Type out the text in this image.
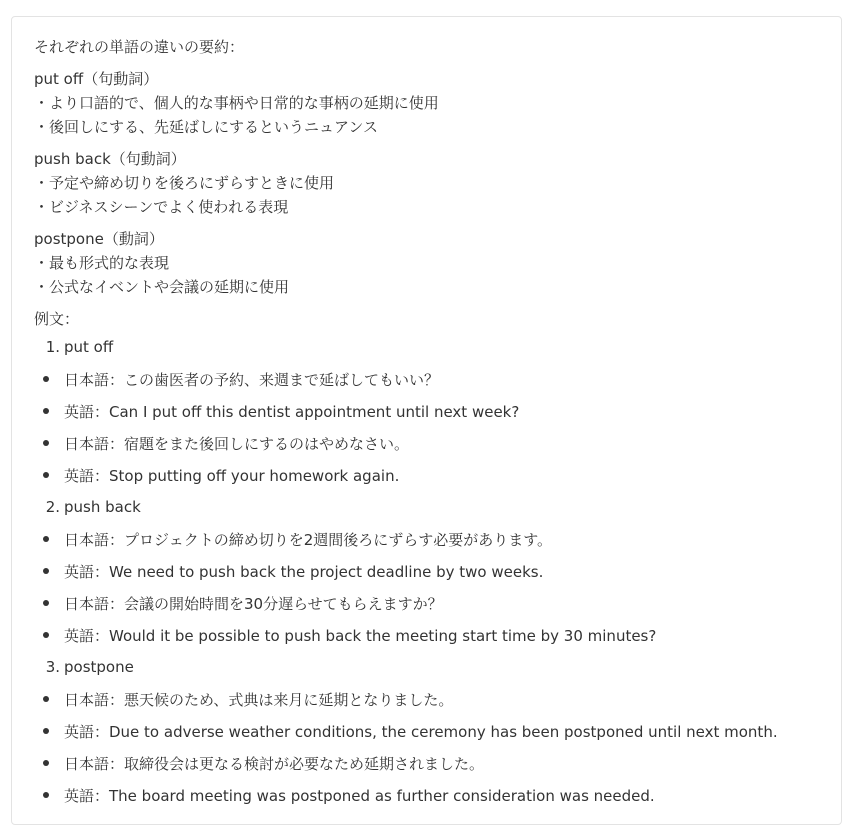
それぞれの単語の違いの要約：
put off（句動詞）
・より口語的で、個人的な事柄や日常的な事柄の延期に使用
・後回しにする、先延ばしにするというニュアンス
push back（句動詞）
・予定や締め切りを後ろにずらすときに使用
・ビジネスシーンでよく使われる表現
postpone（動詞）
・最も形式的な表現
・公式なイベントや会議の延期に使用
例文：
1. put off
日本語：この歯医者の予約、来週まで延ばしてもいい？
英語：Can I put off this dentist appointment until next week?
日本語：宿題をまた後回しにするのはやめなさい。
英語：Stop putting off your homework again.
2. push back
日本語：プロジェクトの締め切りを2週間後ろにずらす必要があります。
英語：We need to push back the project deadline by two weeks.
日本語：会議の開始時間を30分遅らせてもらえますか？
英語：Would it be possible to push back the meeting start time by 30 minutes?
3. postpone
日本語：悪天候のため、式典は来月に延期となりました。
英語：Due to adverse weather conditions, the ceremony has been postponed until next month.
日本語：取締役会は更なる検討が必要なため延期されました。
英語：The board meeting was postponed as further consideration was needed.
